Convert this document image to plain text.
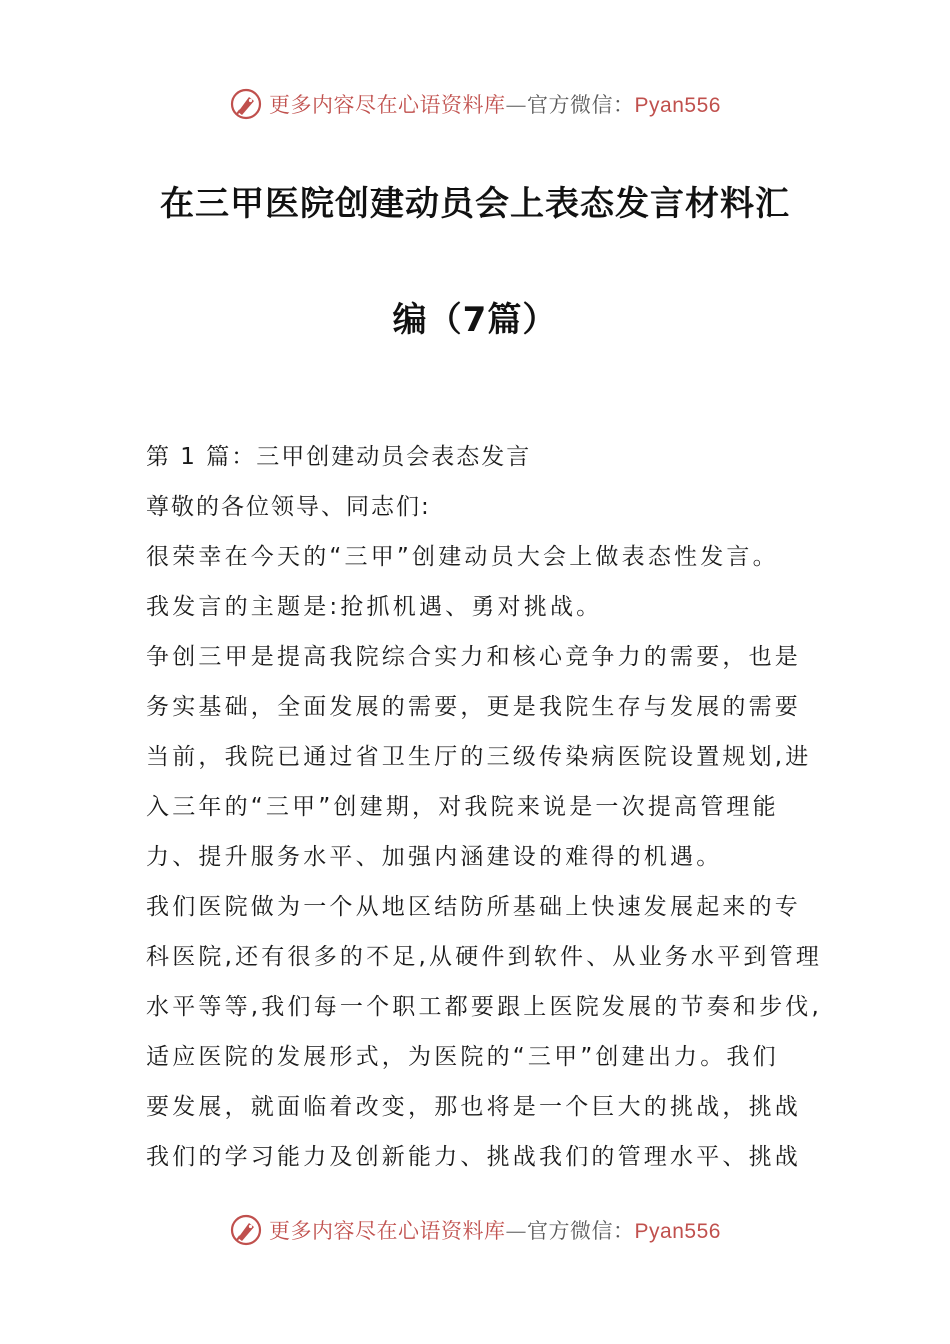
更多内容尽在心语资料库—官方微信：Pyan556
在三甲医院创建动员会上表态发言材料汇
编（7篇）

第 1 篇：三甲创建动员会表态发言

尊敬的各位领导、同志们:

很荣幸在今天的“三甲”创建动员大会上做表态性发言。
我发言的主题是:抢抓机遇、勇对挑战。

争创三甲是提高我院综合实力和核心竞争力的需要，也是
务实基础，全面发展的需要，更是我院生存与发展的需要
当前，我院已通过省卫生厅的三级传染病医院设置规划,进
入三年的“三甲”创建期，对我院来说是一次提高管理能
力、提升服务水平、加强内涵建设的难得的机遇。

我们医院做为一个从地区结防所基础上快速发展起来的专
科医院,还有很多的不足,从硬件到软件、从业务水平到管理
水平等等,我们每一个职工都要跟上医院发展的节奏和步伐,
适应医院的发展形式，为医院的“三甲”创建出力。我们
要发展，就面临着改变，那也将是一个巨大的挑战，挑战
我们的学习能力及创新能力、挑战我们的管理水平、挑战

更多内容尽在心语资料库—官方微信：Pyan556
